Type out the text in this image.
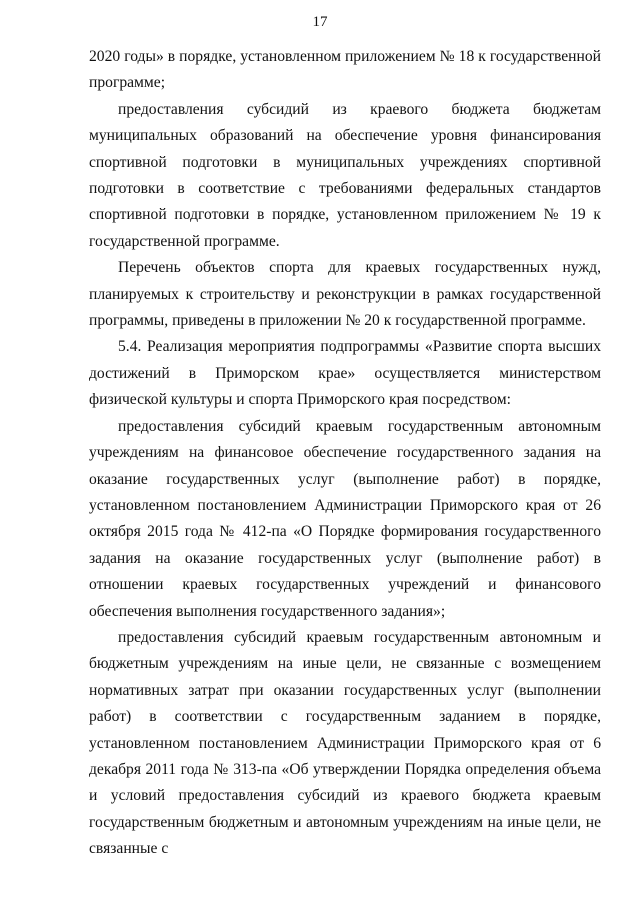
17

2020 годы» в порядке, установленном приложением № 18 к государственной программе;

предоставления субсидий из краевого бюджета бюджетам муниципальных образований на обеспечение уровня финансирования спортивной подготовки в муниципальных учреждениях спортивной подготовки в соответствие с требованиями федеральных стандартов спортивной подготовки в порядке, установленном приложением № 19 к государственной программе.

Перечень объектов спорта для краевых государственных нужд, планируемых к строительству и реконструкции в рамках государственной программы, приведены в приложении № 20 к государственной программе.

5.4. Реализация мероприятия подпрограммы «Развитие спорта высших достижений в Приморском крае» осуществляется министерством физической культуры и спорта Приморского края посредством:

предоставления субсидий краевым государственным автономным учреждениям на финансовое обеспечение государственного задания на оказание государственных услуг (выполнение работ) в порядке, установленном постановлением Администрации Приморского края от 26 октября 2015 года № 412-па «О Порядке формирования государственного задания на оказание государственных услуг (выполнение работ) в отношении краевых государственных учреждений и финансового обеспечения выполнения государственного задания»;

предоставления субсидий краевым государственным автономным и бюджетным учреждениям на иные цели, не связанные с возмещением нормативных затрат при оказании государственных услуг (выполнении работ) в соответствии с государственным заданием в порядке, установленном постановлением Администрации Приморского края от 6 декабря 2011 года № 313-па «Об утверждении Порядка определения объема и условий предоставления субсидий из краевого бюджета краевым государственным бюджетным и автономным учреждениям на иные цели, не связанные с
